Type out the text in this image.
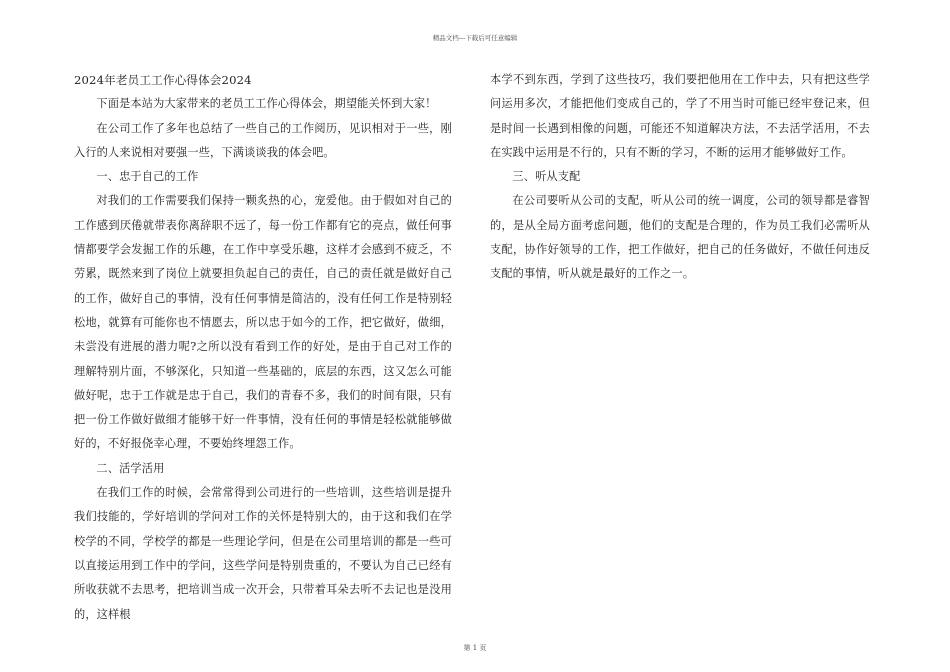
精品文档---下载后可任意编辑

2024年老员工工作心得体会2024

下面是本站为大家带来的老员工工作心得体会，期望能关怀到大家！

在公司工作了多年也总结了一些自己的工作阅历，见识相对于一些，刚入行的人来说相对要强一些，下满谈谈我的体会吧。

一、忠于自己的工作

对我们的工作需要我们保持一颗炙热的心，宠爱他。由于假如对自己的工作感到厌倦就带表你离辞职不远了，每一份工作都有它的亮点，做任何事情都要学会发掘工作的乐趣，在工作中享受乐趣，这样才会感到不疲乏，不劳累，既然来到了岗位上就要担负起自己的责任，自己的责任就是做好自己的工作，做好自己的事情，没有任何事情是简洁的，没有任何工作是特别轻松地，就算有可能你也不情愿去，所以忠于如今的工作，把它做好，做细，未尝没有进展的潜力呢?之所以没有看到工作的好处，是由于自己对工作的理解特别片面，不够深化，只知道一些基础的，底层的东西，这又怎么可能做好呢，忠于工作就是忠于自己，我们的青春不多，我们的时间有限，只有把一份工作做好做细才能够干好一件事情，没有任何的事情是轻松就能够做好的，不好报侥幸心理，不要始终埋怨工作。

二、活学活用

在我们工作的时候，会常常得到公司进行的一些培训，这些培训是提升我们技能的，学好培训的学问对工作的关怀是特别大的，由于这和我们在学校学的不同，学校学的都是一些理论学问，但是在公司里培训的都是一些可以直接运用到工作中的学问，这些学问是特别贵重的，不要认为自己已经有所收获就不去思考，把培训当成一次开会，只带着耳朵去听不去记也是没用的，这样根

本学不到东西，学到了这些技巧，我们要把他用在工作中去，只有把这些学问运用多次，才能把他们变成自己的，学了不用当时可能已经牢登记来，但是时间一长遇到相像的问题，可能还不知道解决方法，不去活学活用，不去在实践中运用是不行的，只有不断的学习，不断的运用才能够做好工作。

三、听从支配

在公司要听从公司的支配，听从公司的统一调度，公司的领导都是睿智的，是从全局方面考虑问题，他们的支配是合理的，作为员工我们必需听从支配，协作好领导的工作，把工作做好，把自己的任务做好，不做任何违反支配的事情，听从就是最好的工作之一。

第 1 页
